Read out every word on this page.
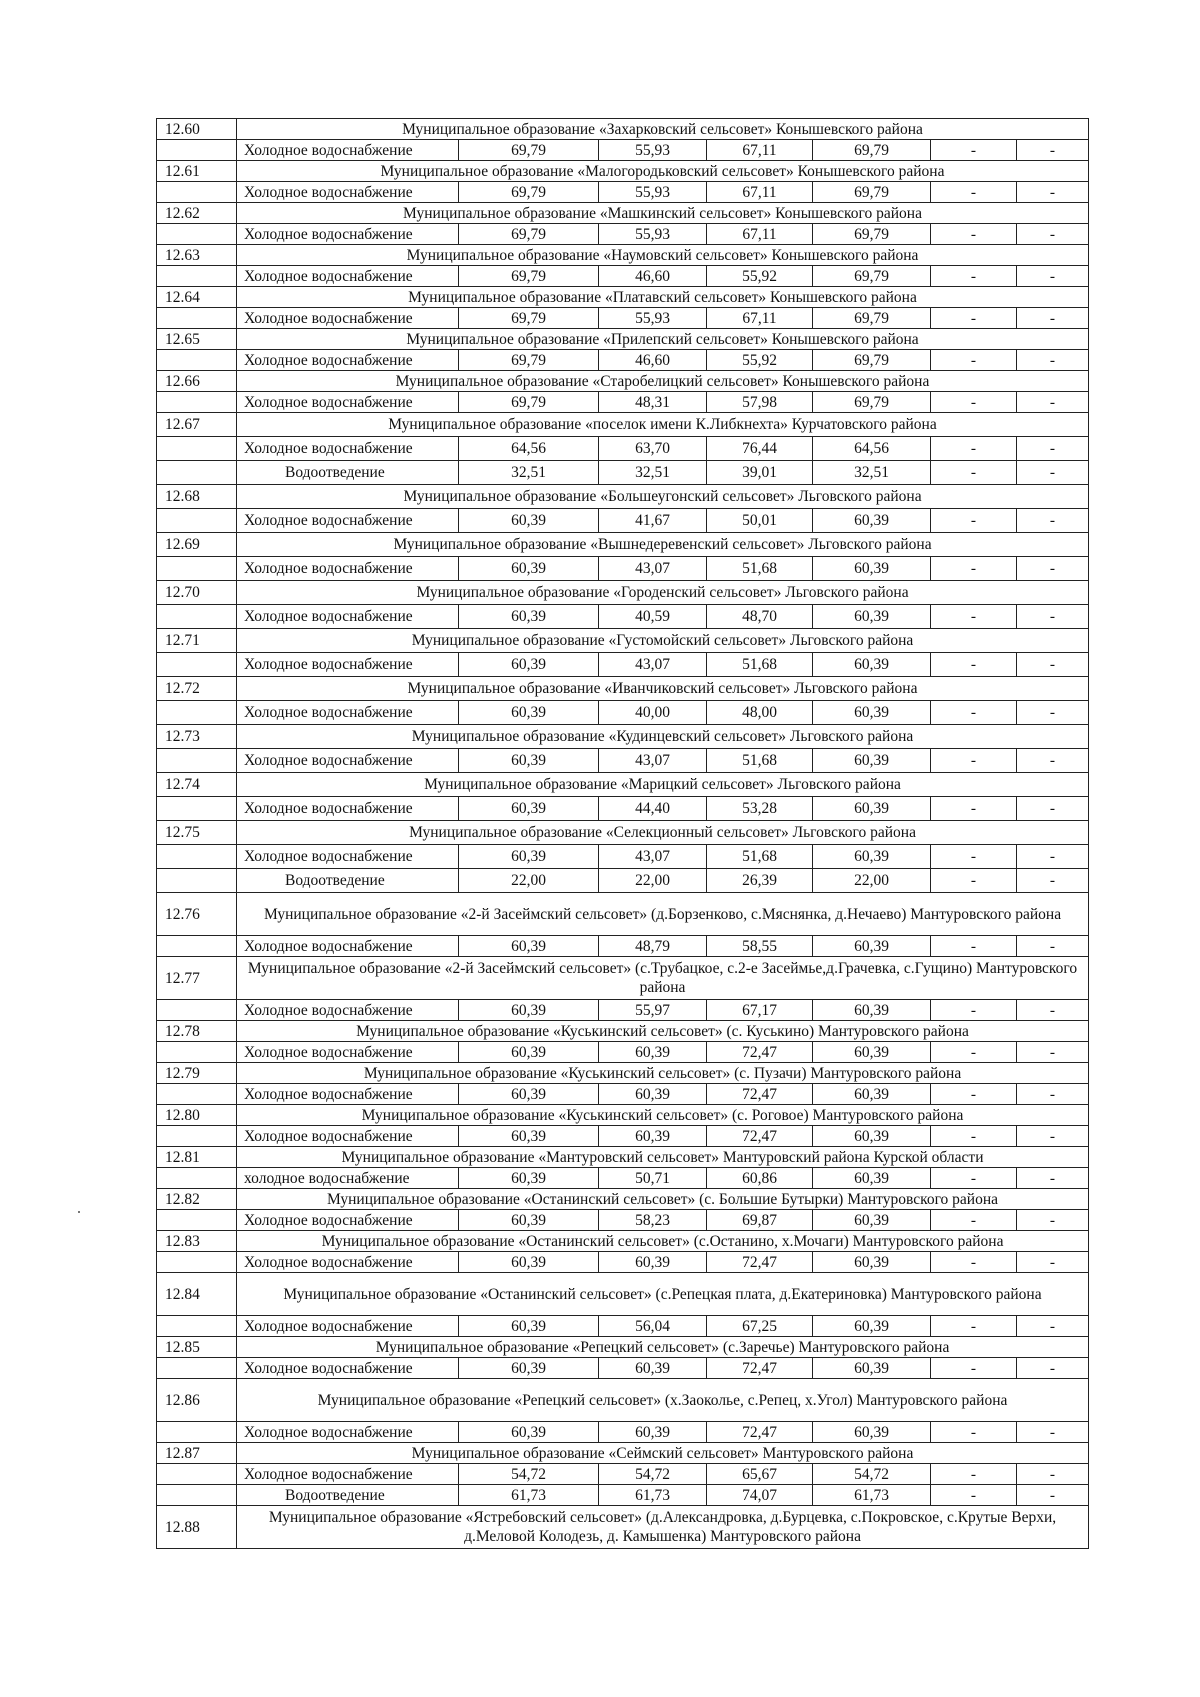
12.60	Муниципальное образование «Захарковский сельсовет» Конышевского района						
	Холодное водоснабжение	69,79	55,93	67,11	69,79	-	-
12.61	Муниципальное образование «Малогородьковский сельсовет» Конышевского района						
	Холодное водоснабжение	69,79	55,93	67,11	69,79	-	-
12.62	Муниципальное образование «Машкинский сельсовет» Конышевского района						
	Холодное водоснабжение	69,79	55,93	67,11	69,79	-	-
12.63	Муниципальное образование «Наумовский сельсовет» Конышевского района						
	Холодное водоснабжение	69,79	46,60	55,92	69,79	-	-
12.64	Муниципальное образование «Платавский сельсовет» Конышевского района						
	Холодное водоснабжение	69,79	55,93	67,11	69,79	-	-
12.65	Муниципальное образование «Прилепский сельсовет» Конышевского района						
	Холодное водоснабжение	69,79	46,60	55,92	69,79	-	-
12.66	Муниципальное образование «Старобелицкий сельсовет» Конышевского района						
	Холодное водоснабжение	69,79	48,31	57,98	69,79	-	-
12.67	Муниципальное образование «поселок имени К.Либкнехта» Курчатовского района						
	Холодное водоснабжение	64,56	63,70	76,44	64,56	-	-
	Водоотведение	32,51	32,51	39,01	32,51	-	-
12.68	Муниципальное образование «Большеугонский сельсовет» Льговского района						
	Холодное водоснабжение	60,39	41,67	50,01	60,39	-	-
12.69	Муниципальное образование «Вышнедеревенский сельсовет» Льговского района						
	Холодное водоснабжение	60,39	43,07	51,68	60,39	-	-
12.70	Муниципальное образование «Городенский сельсовет» Льговского района						
	Холодное водоснабжение	60,39	40,59	48,70	60,39	-	-
12.71	Муниципальное образование «Густомойский сельсовет» Льговского района						
	Холодное водоснабжение	60,39	43,07	51,68	60,39	-	-
12.72	Муниципальное образование «Иванчиковский сельсовет» Льговского района						
	Холодное водоснабжение	60,39	40,00	48,00	60,39	-	-
12.73	Муниципальное образование «Кудинцевский сельсовет» Льговского района						
	Холодное водоснабжение	60,39	43,07	51,68	60,39	-	-
12.74	Муниципальное образование «Марицкий сельсовет» Льговского района						
	Холодное водоснабжение	60,39	44,40	53,28	60,39	-	-
12.75	Муниципальное образование «Селекционный сельсовет» Льговского района						
	Холодное водоснабжение	60,39	43,07	51,68	60,39	-	-
	Водоотведение	22,00	22,00	26,39	22,00	-	-
12.76	Муниципальное образование «2-й Засеймский сельсовет» (д.Борзенково, с.Мяснянка, д.Нечаево) Мантуровского района						
	Холодное водоснабжение	60,39	48,79	58,55	60,39	-	-
12.77	Муниципальное образование «2-й Засеймский сельсовет» (с.Трубацкое, с.2-е Засеймье,д.Грачевка, с.Гущино) Мантуровского района						
	Холодное водоснабжение	60,39	55,97	67,17	60,39	-	-
12.78	Муниципальное образование «Куськинский сельсовет» (с. Куськино) Мантуровского района						
	Холодное водоснабжение	60,39	60,39	72,47	60,39	-	-
12.79	Муниципальное образование «Куськинский сельсовет» (с. Пузачи) Мантуровского района						
	Холодное водоснабжение	60,39	60,39	72,47	60,39	-	-
12.80	Муниципальное образование «Куськинский сельсовет» (с. Роговое) Мантуровского района						
	Холодное водоснабжение	60,39	60,39	72,47	60,39	-	-
12.81	Муниципальное образование «Мантуровский сельсовет» Мантуровский района Курской области						
	холодное водоснабжение	60,39	50,71	60,86	60,39	-	-
12.82	Муниципальное образование «Останинский сельсовет» (с. Большие Бутырки) Мантуровского района						
	Холодное водоснабжение	60,39	58,23	69,87	60,39	-	-
12.83	Муниципальное образование «Останинский сельсовет» (с.Останино, х.Мочаги) Мантуровского района						
	Холодное водоснабжение	60,39	60,39	72,47	60,39	-	-
12.84	Муниципальное образование «Останинский сельсовет» (с.Репецкая плата, д.Екатериновка) Мантуровского района						
	Холодное водоснабжение	60,39	56,04	67,25	60,39	-	-
12.85	Муниципальное образование «Репецкий сельсовет» (с.Заречье) Мантуровского района						
	Холодное водоснабжение	60,39	60,39	72,47	60,39	-	-
12.86	Муниципальное образование «Репецкий сельсовет» (х.Заоколье, с.Репец, х.Угол) Мантуровского района						
	Холодное водоснабжение	60,39	60,39	72,47	60,39	-	-
12.87	Муниципальное образование «Сеймский сельсовет» Мантуровского района						
	Холодное водоснабжение	54,72	54,72	65,67	54,72	-	-
	Водоотведение	61,73	61,73	74,07	61,73	-	-
12.88	Муниципальное образование «Ястребовский сельсовет» (д.Александровка, д.Бурцевка, с.Покровское, с.Крутые Верхи, д.Меловой Колодезь, д. Камышенка) Мантуровского района						
